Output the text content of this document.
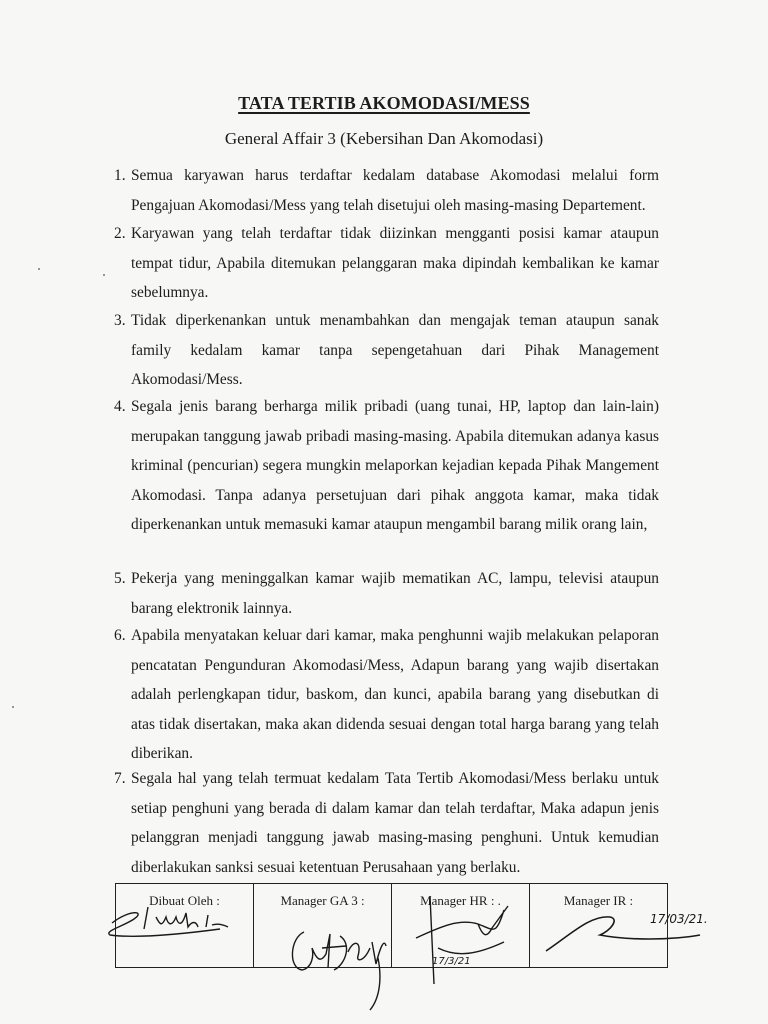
TATA TERTIB AKOMODASI/MESS
General Affair 3 (Kebersihan Dan Akomodasi)
1. Semua karyawan harus terdaftar kedalam database Akomodasi melalui form Pengajuan Akomodasi/Mess yang telah disetujui oleh masing-masing Departement.
2. Karyawan yang telah terdaftar tidak diizinkan mengganti posisi kamar ataupun tempat tidur, Apabila ditemukan pelanggaran maka dipindah kembalikan ke kamar sebelumnya.
3. Tidak diperkenankan untuk menambahkan dan mengajak teman ataupun sanak family kedalam kamar tanpa sepengetahuan dari Pihak Management Akomodasi/Mess.
4. Segala jenis barang berharga milik pribadi (uang tunai, HP, laptop dan lain-lain) merupakan tanggung jawab pribadi masing-masing. Apabila ditemukan adanya kasus kriminal (pencurian) segera mungkin melaporkan kejadian kepada Pihak Mangement Akomodasi. Tanpa adanya persetujuan dari pihak anggota kamar, maka tidak diperkenankan untuk memasuki kamar ataupun mengambil barang milik orang lain,
5. Pekerja yang meninggalkan kamar wajib mematikan AC, lampu, televisi ataupun barang elektronik lainnya.
6. Apabila menyatakan keluar dari kamar, maka penghunni wajib melakukan pelaporan pencatatan Pengunduran Akomodasi/Mess, Adapun barang yang wajib disertakan adalah perlengkapan tidur, baskom, dan kunci, apabila barang yang disebutkan di atas tidak disertakan, maka akan didenda sesuai dengan total harga barang yang telah diberikan.
7. Segala hal yang telah termuat kedalam Tata Tertib Akomodasi/Mess berlaku untuk setiap penghuni yang berada di dalam kamar dan telah terdaftar, Maka adapun jenis pelanggran menjadi tanggung jawab masing-masing penghuni. Untuk kemudian diberlakukan sanksi sesuai ketentuan Perusahaan yang berlaku.
Dibuat Oleh :	Manager GA 3 :	Manager HR : .	Manager IR :
17/3/21
17/03/21.
